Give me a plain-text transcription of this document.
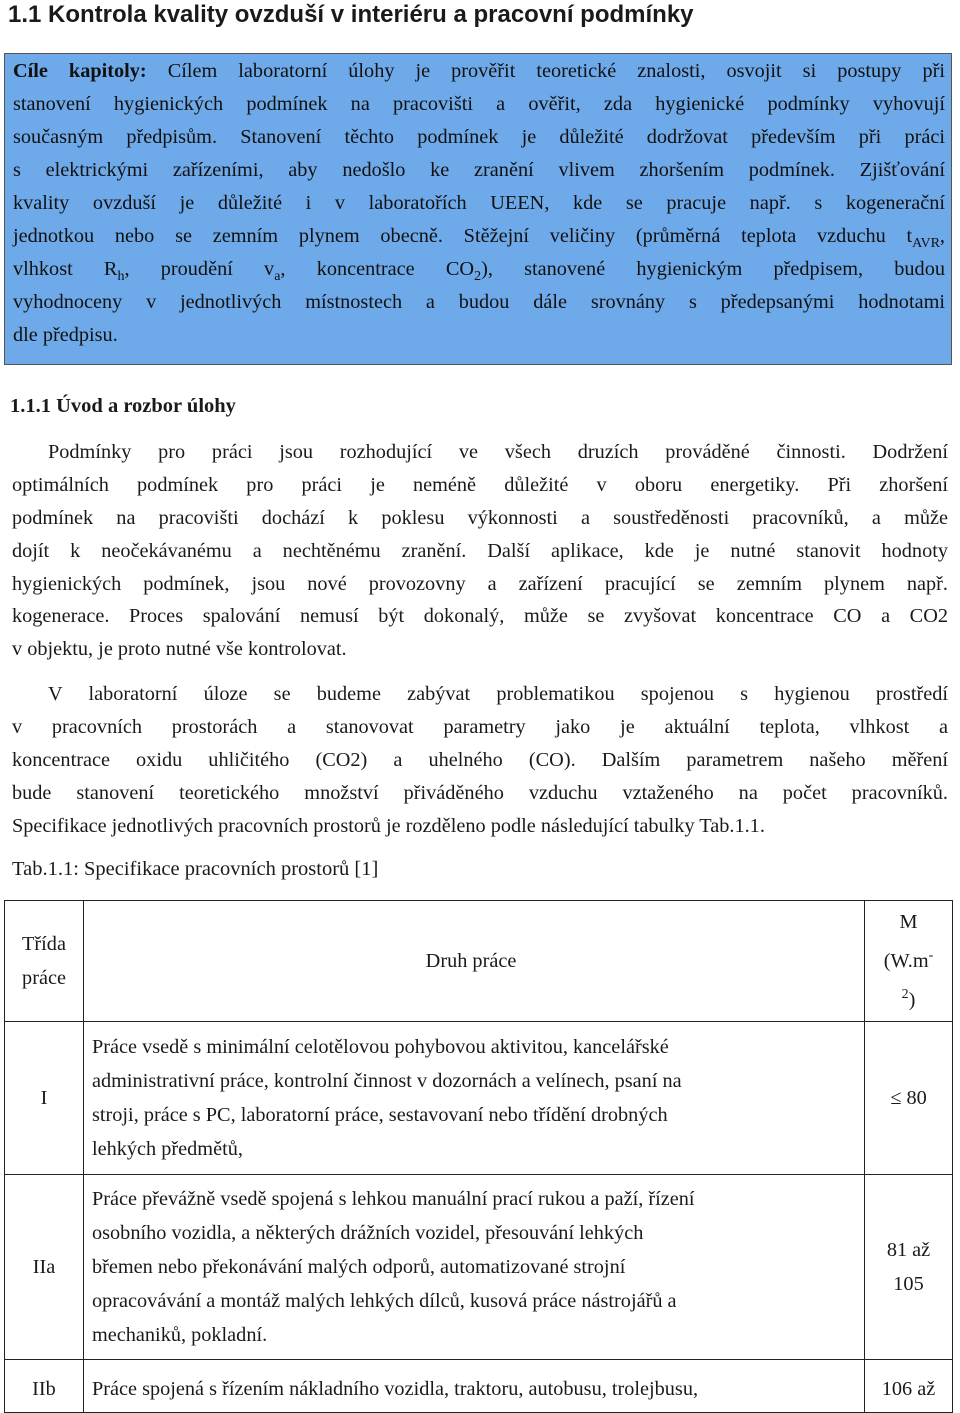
1.1 Kontrola kvality ovzduší v interiéru a pracovní podmínky
Cíle kapitoly: Cílem laboratorní úlohy je prověřit teoretické znalosti, osvojit si postupy při
stanovení hygienických podmínek na pracovišti a ověřit, zda hygienické podmínky vyhovují
současným předpisům. Stanovení těchto podmínek je důležité dodržovat především při práci
s elektrickými zařízeními, aby nedošlo ke zranění vlivem zhoršením podmínek. Zjišťování
kvality ovzduší je důležité i v laboratořích UEEN, kde se pracuje např. s kogenerační
jednotkou nebo se zemním plynem obecně. Stěžejní veličiny (průměrná teplota vzduchu $t_{AVR}$,
vlhkost $R_h$, proudění $v_a$, koncentrace $CO_2$), stanovené hygienickým předpisem, budou
vyhodnoceny v jednotlivých místnostech a budou dále srovnány s předepsanými hodnotami
dle předpisu.
1.1.1 Úvod a rozbor úlohy
Podmínky pro práci jsou rozhodující ve všech druzích prováděné činnosti. Dodržení
optimálních podmínek pro práci je neméně důležité v oboru energetiky. Při zhoršení
podmínek na pracovišti dochází k poklesu výkonnosti a soustředěnosti pracovníků, a může
dojít k neočekávanému a nechtěnému zranění. Další aplikace, kde je nutné stanovit hodnoty
hygienických podmínek, jsou nové provozovny a zařízení pracující se zemním plynem např.
kogenerace. Proces spalování nemusí být dokonalý, může se zvyšovat koncentrace CO a CO2
v objektu, je proto nutné vše kontrolovat.
V laboratorní úloze se budeme zabývat problematikou spojenou s hygienou prostředí
v pracovních prostorách a stanovovat parametry jako je aktuální teplota, vlhkost a
koncentrace oxidu uhličitého (CO2) a uhelného (CO). Dalším parametrem našeho měření
bude stanovení teoretického množství přiváděného vzduchu vztaženého na počet pracovníků.
Specifikace jednotlivých pracovních prostorů je rozděleno podle následující tabulky Tab.1.1.
Tab.1.1: Specifikace pracovních prostorů [1]
Třída
práce	Druh práce	M
(W.m-
$^2$)

I	Práce vsedě s minimální celotělovou pohybovou aktivitou, kancelářské
administrativní práce, kontrolní činnost v dozornách a velínech, psaní na
stroji, práce s PC, laboratorní práce, sestavovaní nebo třídění drobných
lehkých předmětů,	≤ 80

IIa	Práce převážně vsedě spojená s lehkou manuální prací rukou a paží, řízení
osobního vozidla, a některých drážních vozidel, přesouvání lehkých
břemen nebo překonávání malých odporů, automatizované strojní
opracovávání a montáž malých lehkých dílců, kusová práce nástrojářů a
mechaniků, pokladní.	81 až
105

IIb	Práce spojená s řízením nákladního vozidla, traktoru, autobusu, trolejbusu,	106 až
